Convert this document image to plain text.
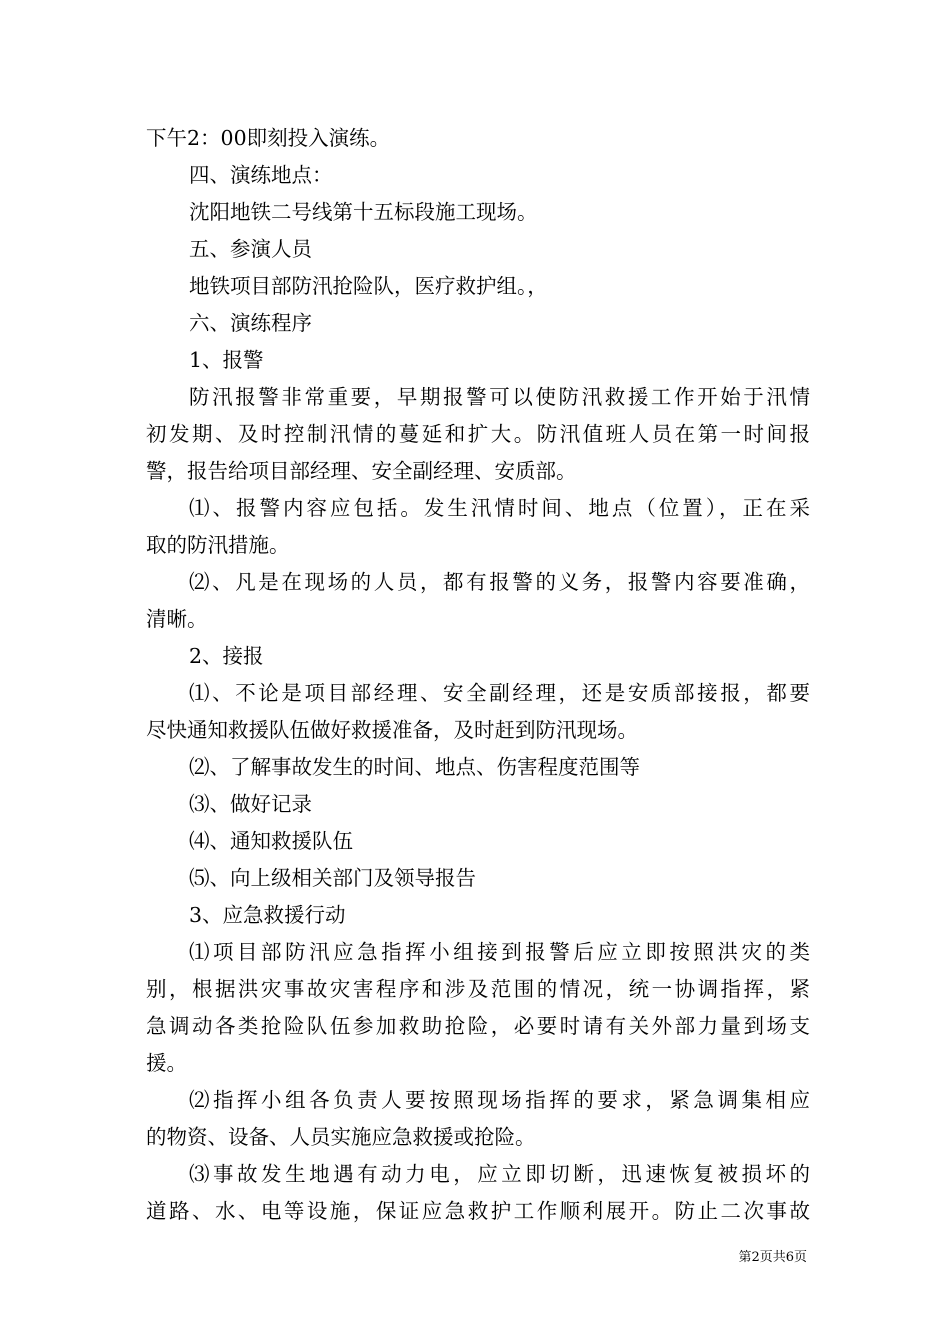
下午2：00即刻投入演练。
四、演练地点：
沈阳地铁二号线第十五标段施工现场。
五、参演人员
地铁项目部防汛抢险队，医疗救护组。，
六、演练程序
1、报警
防汛报警非常重要，早期报警可以使防汛救援工作开始于汛情
初发期、及时控制汛情的蔓延和扩大。防汛值班人员在第一时间报
警，报告给项目部经理、安全副经理、安质部。
⑴、报警内容应包括。发生汛情时间、地点（位置），正在采
取的防汛措施。
⑵、凡是在现场的人员，都有报警的义务，报警内容要准确，
清晰。
2、接报
⑴、不论是项目部经理、安全副经理，还是安质部接报，都要
尽快通知救援队伍做好救援准备，及时赶到防汛现场。
⑵、了解事故发生的时间、地点、伤害程度范围等
⑶、做好记录
⑷、通知救援队伍
⑸、向上级相关部门及领导报告
3、应急救援行动
⑴项目部防汛应急指挥小组接到报警后应立即按照洪灾的类
别，根据洪灾事故灾害程序和涉及范围的情况，统一协调指挥，紧
急调动各类抢险队伍参加救助抢险，必要时请有关外部力量到场支
援。
⑵指挥小组各负责人要按照现场指挥的要求，紧急调集相应
的物资、设备、人员实施应急救援或抢险。
⑶事故发生地遇有动力电，应立即切断，迅速恢复被损坏的
道路、水、电等设施，保证应急救护工作顺利展开。防止二次事故
第2页共6页
